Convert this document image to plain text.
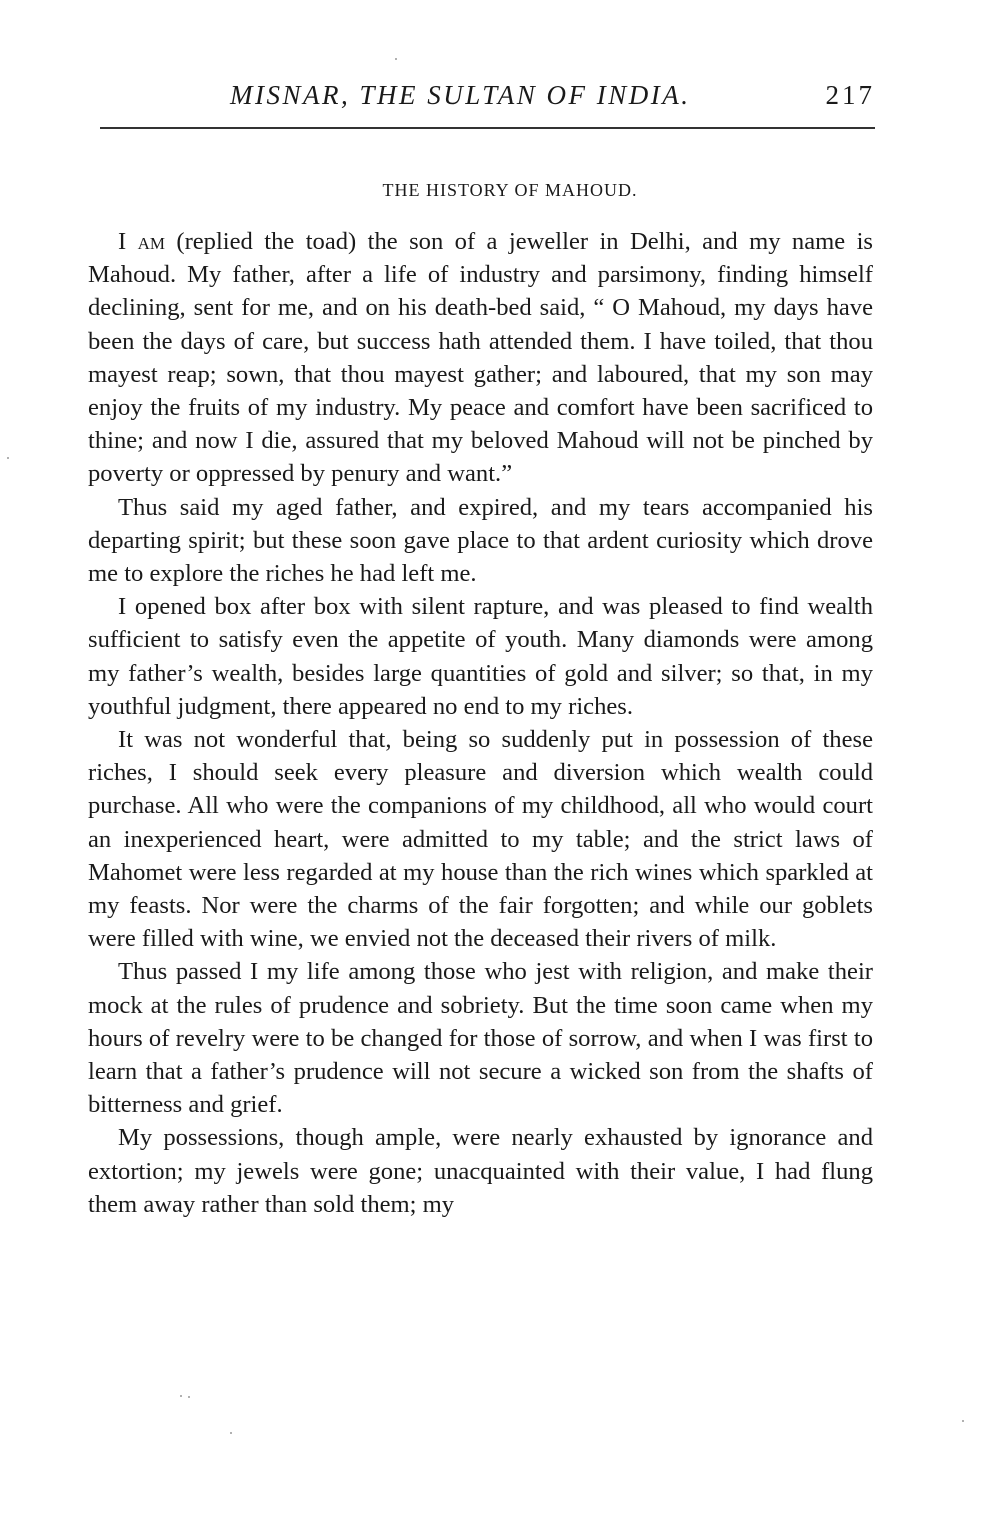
MISNAR, THE SULTAN OF INDIA.	217
THE HISTORY OF MAHOUD.

I am (replied the toad) the son of a jeweller in Delhi, and my name is Mahoud. My father, after a life of industry and parsimony, finding himself declining, sent for me, and on his death-bed said, “ O Mahoud, my days have been the days of care, but success hath attended them. I have toiled, that thou mayest reap; sown, that thou mayest gather; and laboured, that my son may enjoy the fruits of my industry. My peace and comfort have been sacrificed to thine; and now I die, assured that my beloved Mahoud will not be pinched by poverty or oppressed by penury and want.”

Thus said my aged father, and expired, and my tears accompanied his departing spirit; but these soon gave place to that ardent curiosity which drove me to explore the riches he had left me.

I opened box after box with silent rapture, and was pleased to find wealth sufficient to satisfy even the appetite of youth. Many diamonds were among my father’s wealth, besides large quantities of gold and silver; so that, in my youthful judgment, there appeared no end to my riches.

It was not wonderful that, being so suddenly put in possession of these riches, I should seek every pleasure and diversion which wealth could purchase. All who were the companions of my childhood, all who would court an inexperienced heart, were admitted to my table; and the strict laws of Mahomet were less regarded at my house than the rich wines which sparkled at my feasts. Nor were the charms of the fair forgotten; and while our goblets were filled with wine, we envied not the deceased their rivers of milk.

Thus passed I my life among those who jest with religion, and make their mock at the rules of prudence and sobriety. But the time soon came when my hours of revelry were to be changed for those of sorrow, and when I was first to learn that a father’s prudence will not secure a wicked son from the shafts of bitterness and grief.

My possessions, though ample, were nearly exhausted by ignorance and extortion; my jewels were gone; unacquainted with their value, I had flung them away rather than sold them; my
